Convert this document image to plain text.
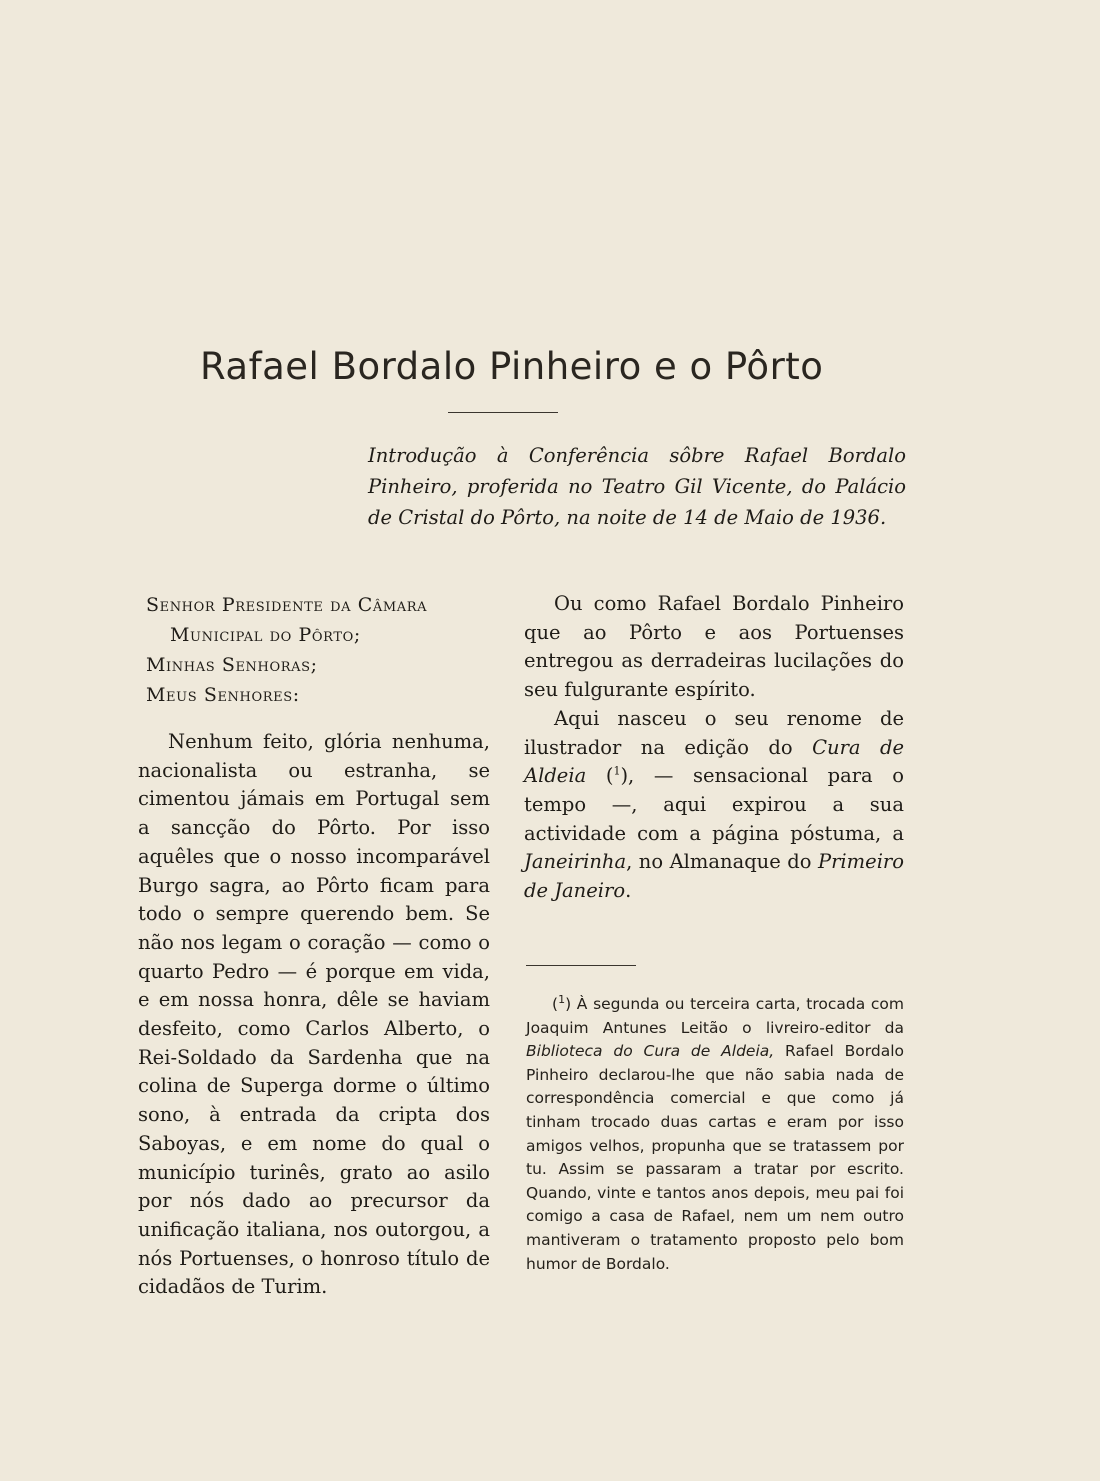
Rafael Bordalo Pinheiro e o Pôrto

Introdução à Conferência sôbre Rafael Bordalo Pinheiro, proferida no Teatro Gil Vicente, do Palácio de Cristal do Pôrto, na noite de 14 de Maio de 1936.

Senhor Presidente da Câmara

Municipal do Pôrto;

Minhas Senhoras;

Meus Senhores:

Nenhum feito, glória nenhuma, nacionalista ou estranha, se cimentou jámais em Portugal sem a sancção do Pôrto. Por isso aquêles que o nosso incomparável Burgo sagra, ao Pôrto ficam para todo o sempre querendo bem. Se não nos legam o coração — como o quarto Pedro — é porque em vida, e em nossa honra, dêle se haviam desfeito, como Carlos Alberto, o Rei-Soldado da Sardenha que na colina de Superga dorme o último sono, à entrada da cripta dos Saboyas, e em nome do qual o município turinês, grato ao asilo por nós dado ao precursor da unificação italiana, nos outorgou, a nós Portuenses, o honroso título de cidadãos de Turim.

Ou como Rafael Bordalo Pinheiro que ao Pôrto e aos Portuenses entregou as derradeiras lucilações do seu fulgurante espírito.

Aqui nasceu o seu renome de ilustrador na edição do Cura de Aldeia ($^1$), — sensacional para o tempo —, aqui expirou a sua actividade com a página póstuma, a Janeirinha, no Almanaque do Primeiro de Janeiro.

($^1$) À segunda ou terceira carta, trocada com Joaquim Antunes Leitão o livreiro-editor da Biblioteca do Cura de Aldeia, Rafael Bordalo Pinheiro declarou-lhe que não sabia nada de correspondência comercial e que como já tinham trocado duas cartas e eram por isso amigos velhos, propunha que se tratassem por tu. Assim se passaram a tratar por escrito. Quando, vinte e tantos anos depois, meu pai foi comigo a casa de Rafael, nem um nem outro mantiveram o tratamento proposto pelo bom humor de Bordalo.
